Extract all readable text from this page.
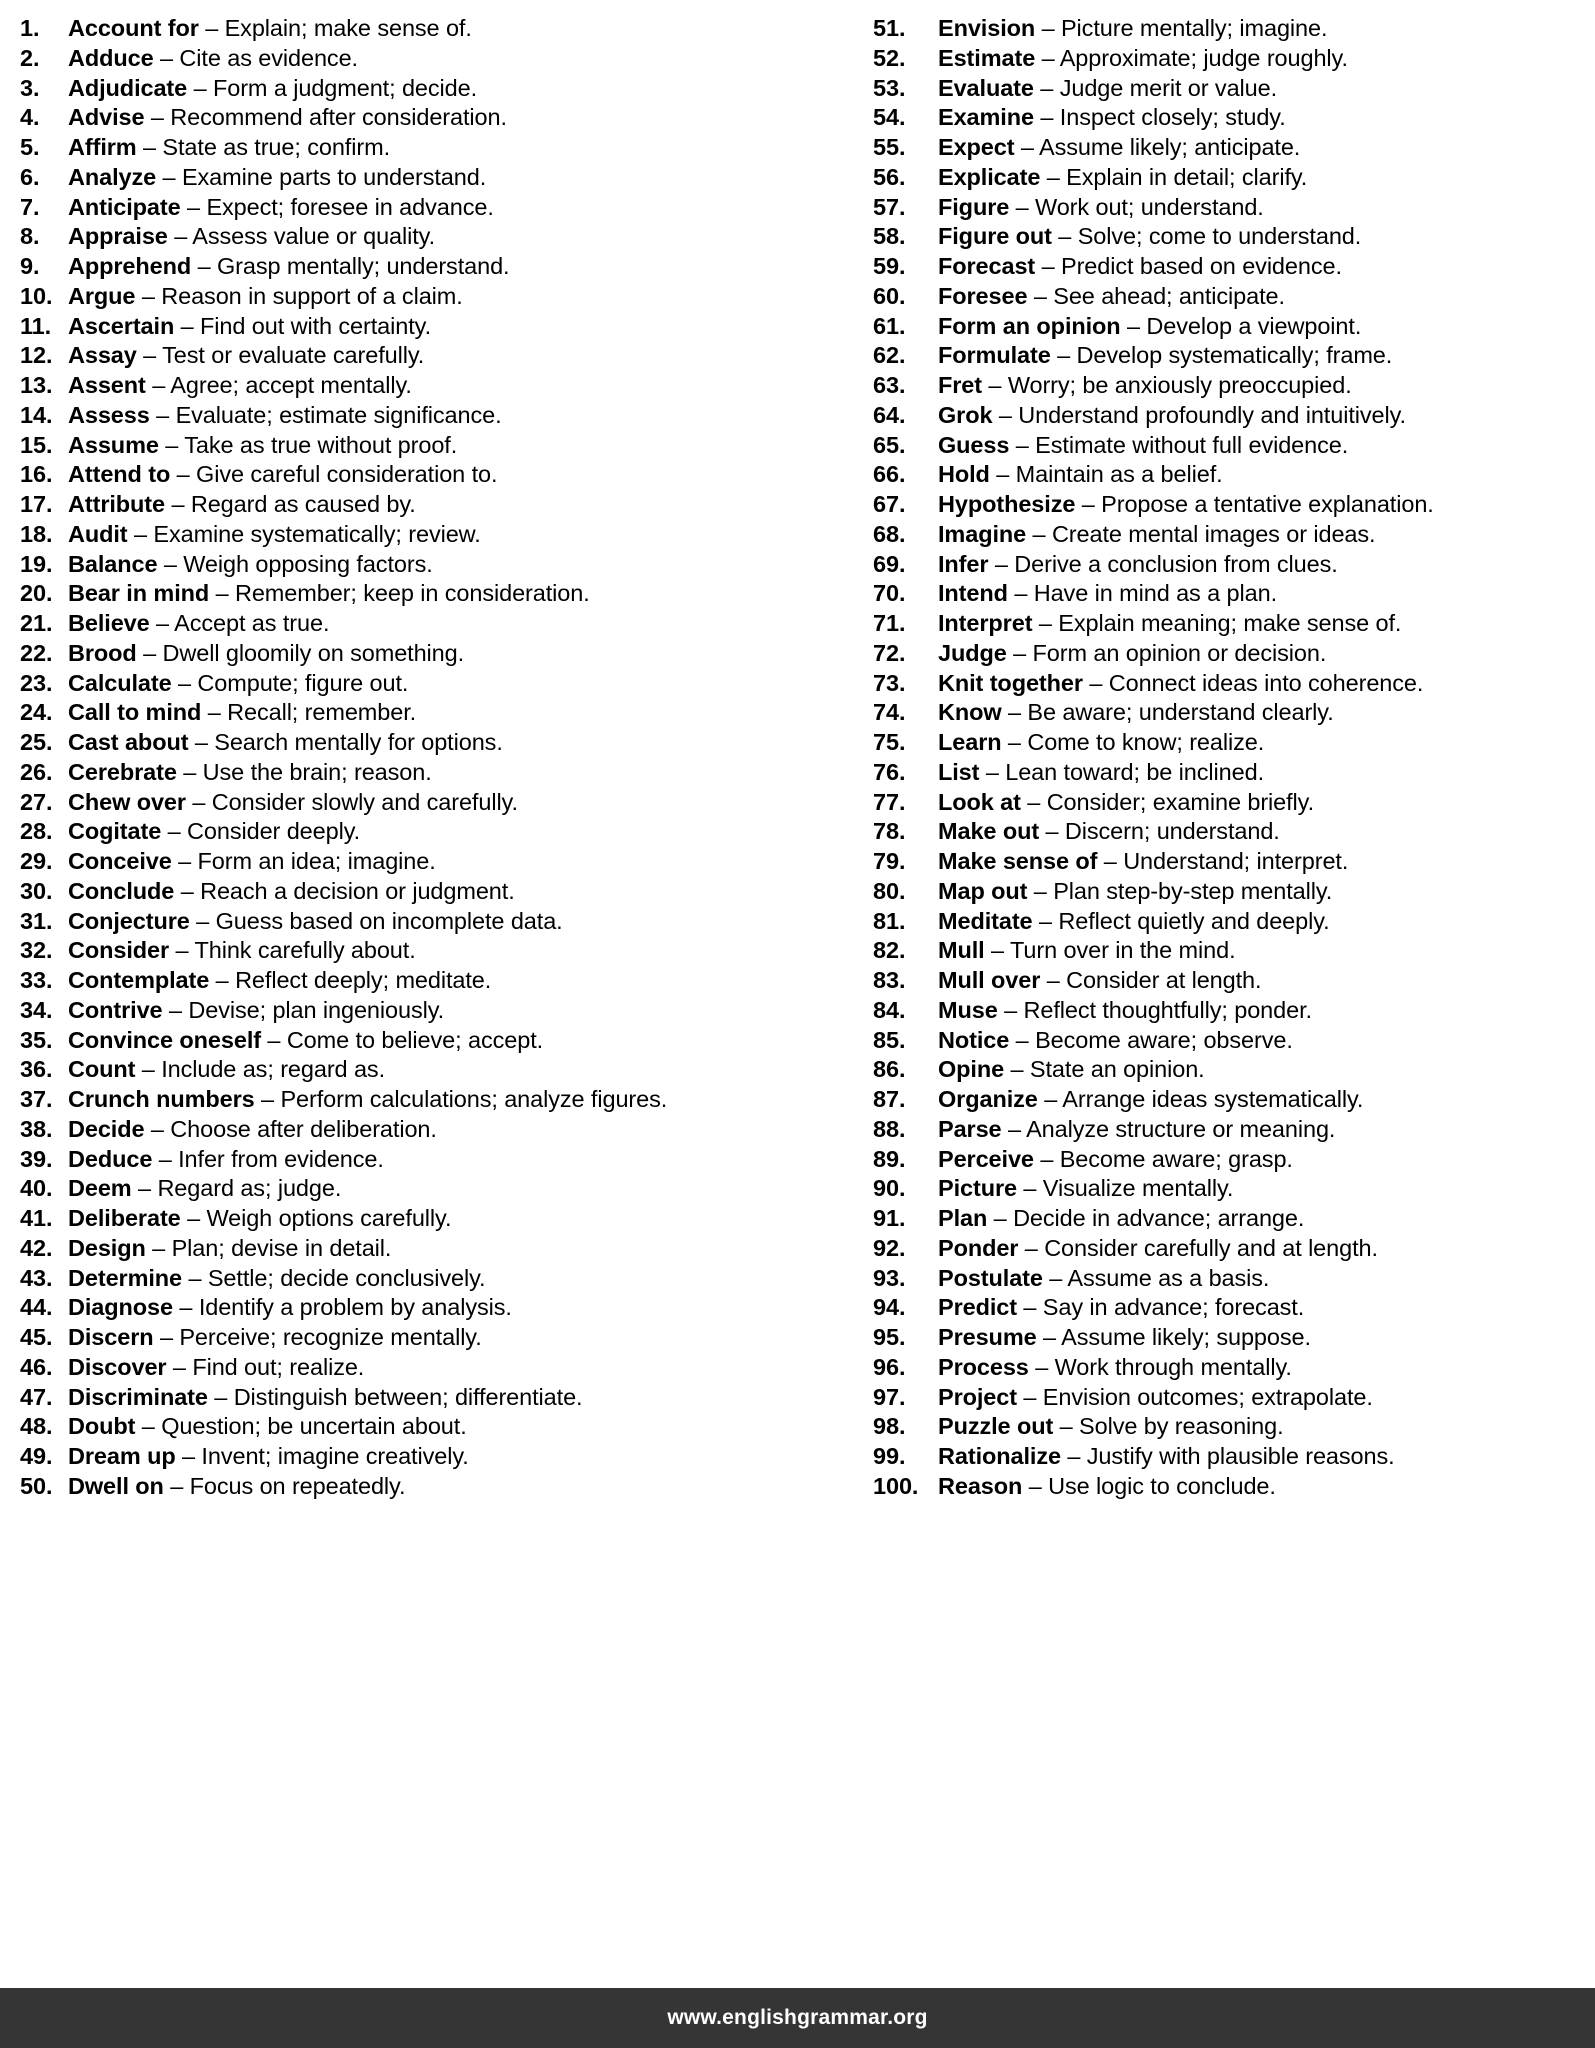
1.	Account for – Explain; make sense of.
2.	Adduce – Cite as evidence.
3.	Adjudicate – Form a judgment; decide.
4.	Advise – Recommend after consideration.
5.	Affirm – State as true; confirm.
6.	Analyze – Examine parts to understand.
7.	Anticipate – Expect; foresee in advance.
8.	Appraise – Assess value or quality.
9.	Apprehend – Grasp mentally; understand.
10. Argue – Reason in support of a claim.
11. Ascertain – Find out with certainty.
12. Assay – Test or evaluate carefully.
13. Assent – Agree; accept mentally.
14. Assess – Evaluate; estimate significance.
15. Assume – Take as true without proof.
16. Attend to – Give careful consideration to.
17. Attribute – Regard as caused by.
18. Audit – Examine systematically; review.
19. Balance – Weigh opposing factors.
20. Bear in mind – Remember; keep in consideration.
21. Believe – Accept as true.
22. Brood – Dwell gloomily on something.
23. Calculate – Compute; figure out.
24. Call to mind – Recall; remember.
25. Cast about – Search mentally for options.
26. Cerebrate – Use the brain; reason.
27. Chew over – Consider slowly and carefully.
28. Cogitate – Consider deeply.
29. Conceive – Form an idea; imagine.
30. Conclude – Reach a decision or judgment.
31. Conjecture – Guess based on incomplete data.
32. Consider – Think carefully about.
33. Contemplate – Reflect deeply; meditate.
34. Contrive – Devise; plan ingeniously.
35. Convince oneself – Come to believe; accept.
36. Count – Include as; regard as.
37. Crunch numbers – Perform calculations; analyze figures.
38. Decide – Choose after deliberation.
39. Deduce – Infer from evidence.
40. Deem – Regard as; judge.
41. Deliberate – Weigh options carefully.
42. Design – Plan; devise in detail.
43. Determine – Settle; decide conclusively.
44. Diagnose – Identify a problem by analysis.
45. Discern – Perceive; recognize mentally.
46. Discover – Find out; realize.
47. Discriminate – Distinguish between; differentiate.
48. Doubt – Question; be uncertain about.
49. Dream up – Invent; imagine creatively.
50. Dwell on – Focus on repeatedly.
51.	Envision – Picture mentally; imagine.
52.	Estimate – Approximate; judge roughly.
53.	Evaluate – Judge merit or value.
54.	Examine – Inspect closely; study.
55.	Expect – Assume likely; anticipate.
56.	Explicate – Explain in detail; clarify.
57.	Figure – Work out; understand.
58.	Figure out – Solve; come to understand.
59.	Forecast – Predict based on evidence.
60.	Foresee – See ahead; anticipate.
61.	Form an opinion – Develop a viewpoint.
62.	Formulate – Develop systematically; frame.
63.	Fret – Worry; be anxiously preoccupied.
64.	Grok – Understand profoundly and intuitively.
65.	Guess – Estimate without full evidence.
66.	Hold – Maintain as a belief.
67.	Hypothesize – Propose a tentative explanation.
68.	Imagine – Create mental images or ideas.
69.	Infer – Derive a conclusion from clues.
70.	Intend – Have in mind as a plan.
71.	Interpret – Explain meaning; make sense of.
72.	Judge – Form an opinion or decision.
73.	Knit together – Connect ideas into coherence.
74.	Know – Be aware; understand clearly.
75.	Learn – Come to know; realize.
76.	List – Lean toward; be inclined.
77.	Look at – Consider; examine briefly.
78.	Make out – Discern; understand.
79.	Make sense of – Understand; interpret.
80.	Map out – Plan step-by-step mentally.
81.	Meditate – Reflect quietly and deeply.
82.	Mull – Turn over in the mind.
83.	Mull over – Consider at length.
84.	Muse – Reflect thoughtfully; ponder.
85.	Notice – Become aware; observe.
86.	Opine – State an opinion.
87.	Organize – Arrange ideas systematically.
88.	Parse – Analyze structure or meaning.
89.	Perceive – Become aware; grasp.
90.	Picture – Visualize mentally.
91.	Plan – Decide in advance; arrange.
92.	Ponder – Consider carefully and at length.
93.	Postulate – Assume as a basis.
94.	Predict – Say in advance; forecast.
95.	Presume – Assume likely; suppose.
96.	Process – Work through mentally.
97.	Project – Envision outcomes; extrapolate.
98.	Puzzle out – Solve by reasoning.
99.	Rationalize – Justify with plausible reasons.
100. Reason – Use logic to conclude.
www.englishgrammar.org
